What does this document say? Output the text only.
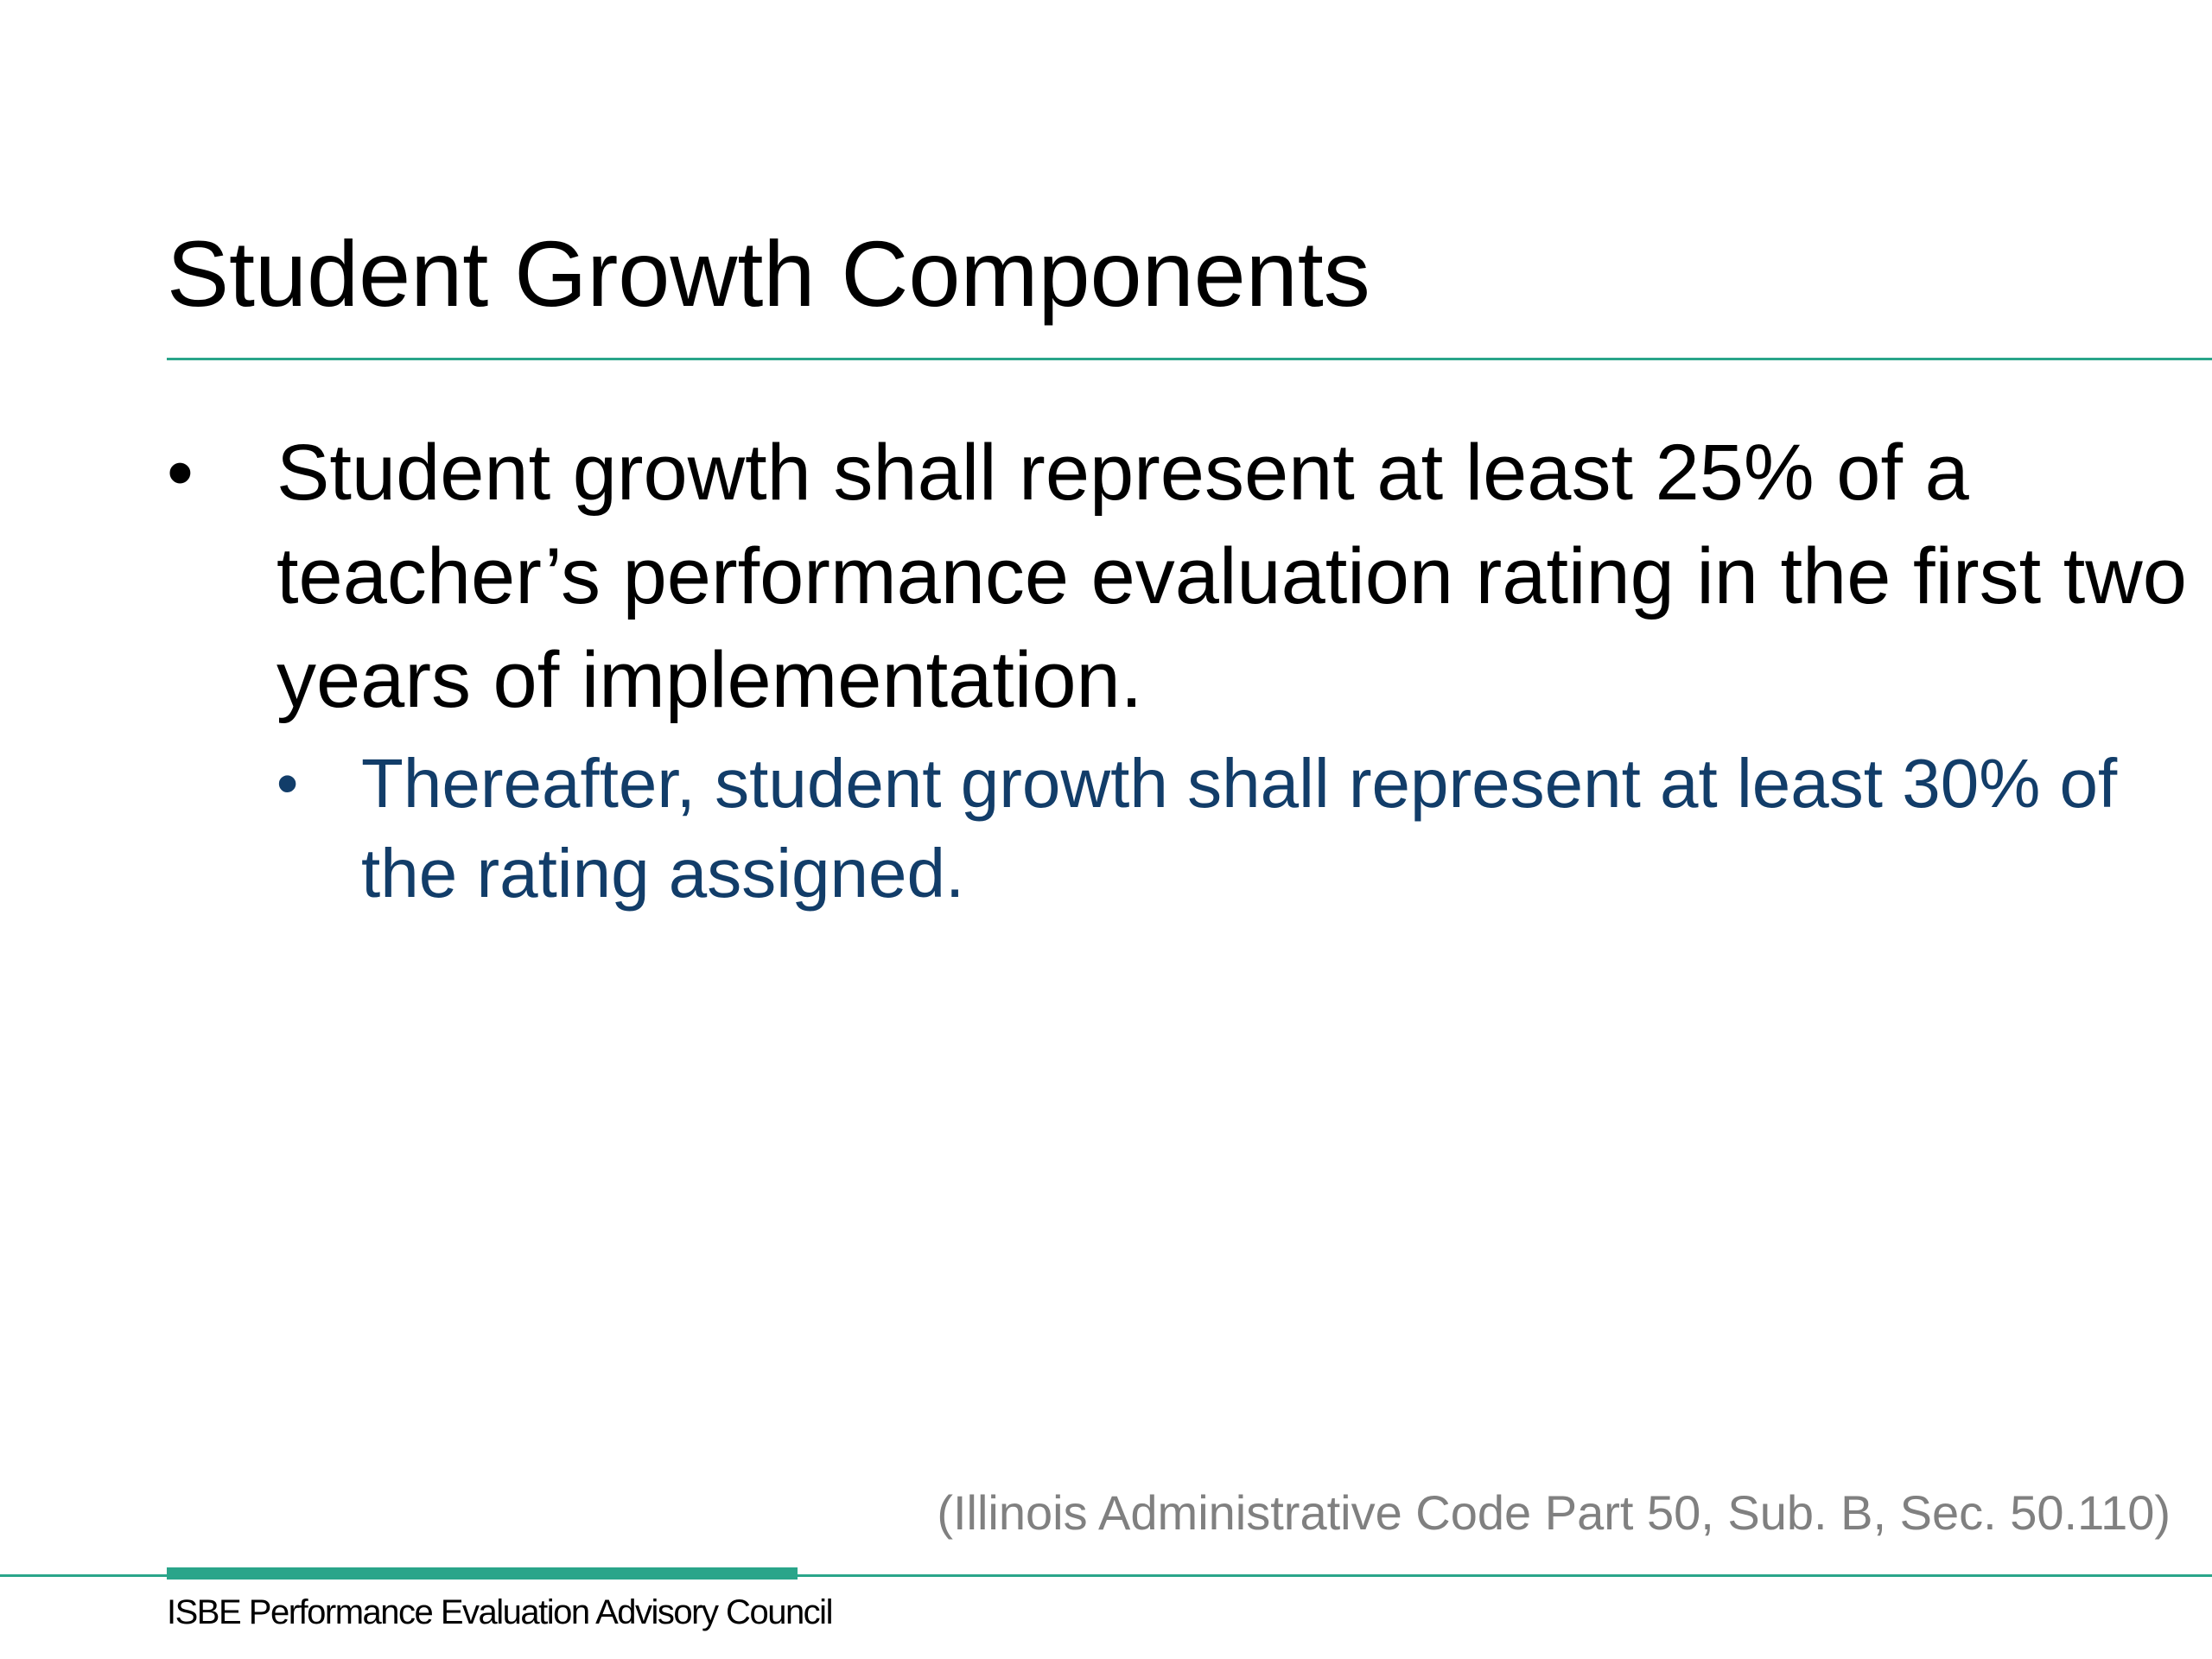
Student Growth Components
• Student growth shall represent at least 25% of a teacher’s performance evaluation rating in the first two years of implementation.
• Thereafter, student growth shall represent at least 30% of the rating assigned.
(Illinois Administrative Code Part 50, Sub. B, Sec. 50.110)
ISBE Performance Evaluation Advisory Council
